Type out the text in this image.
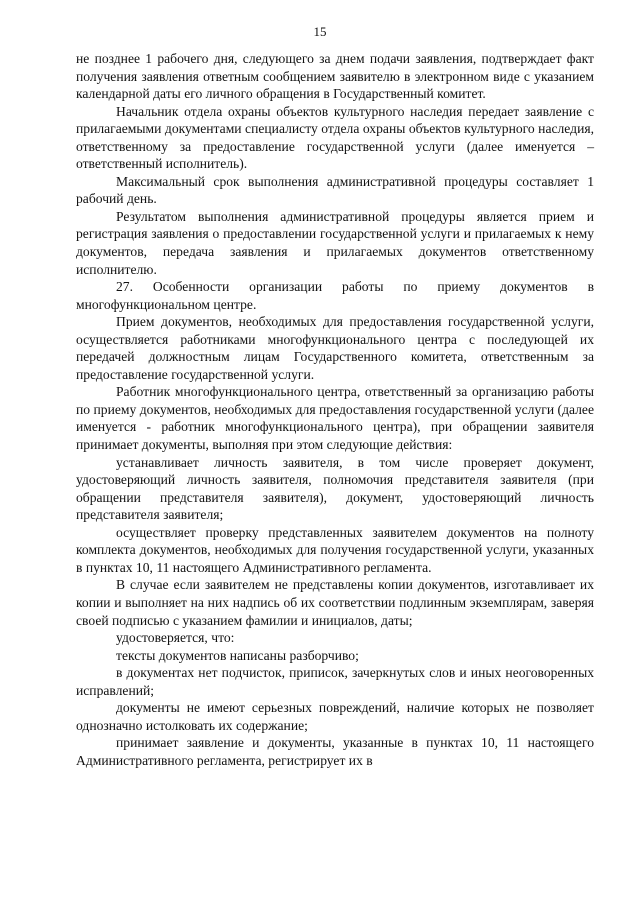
15

не позднее 1 рабочего дня, следующего за днем подачи заявления, подтверждает факт получения заявления ответным сообщением заявителю в электронном виде с указанием календарной даты его личного обращения в Государственный комитет.

Начальник отдела охраны объектов культурного наследия передает заявление с прилагаемыми документами специалисту отдела охраны объектов культурного наследия, ответственному за предоставление государственной услуги (далее именуется – ответственный исполнитель).

Максимальный срок выполнения административной процедуры составляет 1 рабочий день.

Результатом выполнения административной процедуры является прием и регистрация заявления о предоставлении государственной услуги и прилагаемых к нему документов, передача заявления и прилагаемых документов ответственному исполнителю.

27. Особенности организации работы по приему документов в многофункциональном центре.

Прием документов, необходимых для предоставления государственной услуги, осуществляется работниками многофункционального центра с последующей их передачей должностным лицам Государственного комитета, ответственным за предоставление государственной услуги.

Работник многофункционального центра, ответственный за организацию работы по приему документов, необходимых для предоставления государственной услуги (далее именуется - работник многофункционального центра), при обращении заявителя принимает документы, выполняя при этом следующие действия:

устанавливает личность заявителя, в том числе проверяет документ, удостоверяющий личность заявителя, полномочия представителя заявителя (при обращении представителя заявителя), документ, удостоверяющий личность представителя заявителя;

осуществляет проверку представленных заявителем документов на полноту комплекта документов, необходимых для получения государственной услуги, указанных в пунктах 10, 11 настоящего Административного регламента.

В случае если заявителем не представлены копии документов, изготавливает их копии и выполняет на них надпись об их соответствии подлинным экземплярам, заверяя своей подписью с указанием фамилии и инициалов, даты;

удостоверяется, что:

тексты документов написаны разборчиво;

в документах нет подчисток, приписок, зачеркнутых слов и иных неоговоренных исправлений;

документы не имеют серьезных повреждений, наличие которых не позволяет однозначно истолковать их содержание;

принимает заявление и документы, указанные в пунктах 10, 11 настоящего Административного регламента, регистрирует их в
